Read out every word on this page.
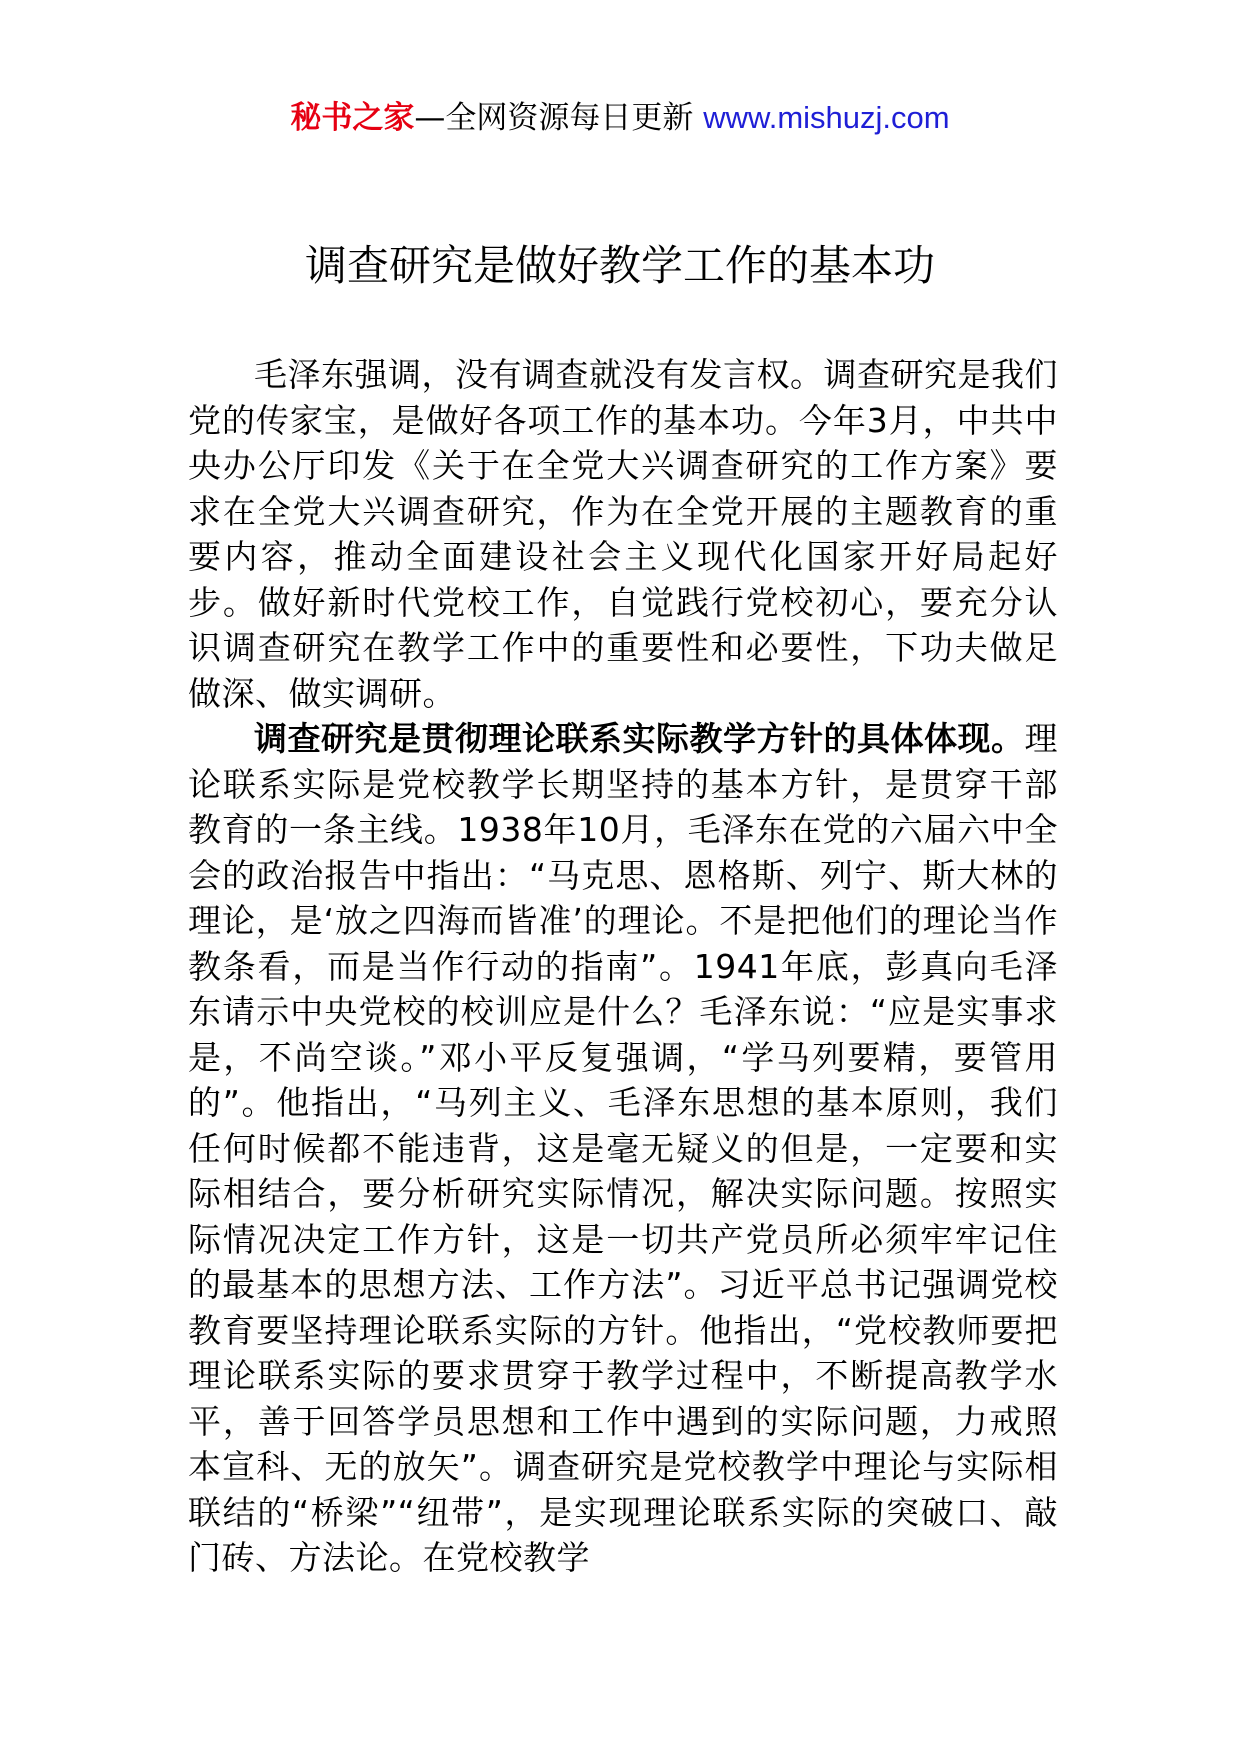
秘书之家—全网资源每日更新 www.mishuzj.com
调查研究是做好教学工作的基本功

毛泽东强调，没有调查就没有发言权。调查研究是我们党的传家宝，是做好各项工作的基本功。今年3月，中共中央办公厅印发《关于在全党大兴调查研究的工作方案》要求在全党大兴调查研究，作为在全党开展的主题教育的重要内容，推动全面建设社会主义现代化国家开好局起好步。做好新时代党校工作，自觉践行党校初心，要充分认识调查研究在教学工作中的重要性和必要性，下功夫做足做深、做实调研。

调查研究是贯彻理论联系实际教学方针的具体体现。理论联系实际是党校教学长期坚持的基本方针，是贯穿干部教育的一条主线。1938年10月，毛泽东在党的六届六中全会的政治报告中指出：“马克思、恩格斯、列宁、斯大林的理论，是‘放之四海而皆准’的理论。不是把他们的理论当作教条看，而是当作行动的指南”。1941年底，彭真向毛泽东请示中央党校的校训应是什么？毛泽东说：“应是实事求是，不尚空谈。”邓小平反复强调，“学马列要精，要管用的”。他指出，“马列主义、毛泽东思想的基本原则，我们任何时候都不能违背，这是毫无疑义的但是，一定要和实际相结合，要分析研究实际情况，解决实际问题。按照实际情况决定工作方针，这是一切共产党员所必须牢牢记住的最基本的思想方法、工作方法”。习近平总书记强调党校教育要坚持理论联系实际的方针。他指出，“党校教师要把理论联系实际的要求贯穿于教学过程中，不断提高教学水平，善于回答学员思想和工作中遇到的实际问题，力戒照本宣科、无的放矢”。调查研究是党校教学中理论与实际相联结的“桥梁”“纽带”，是实现理论联系实际的突破口、敲门砖、方法论。在党校教学
